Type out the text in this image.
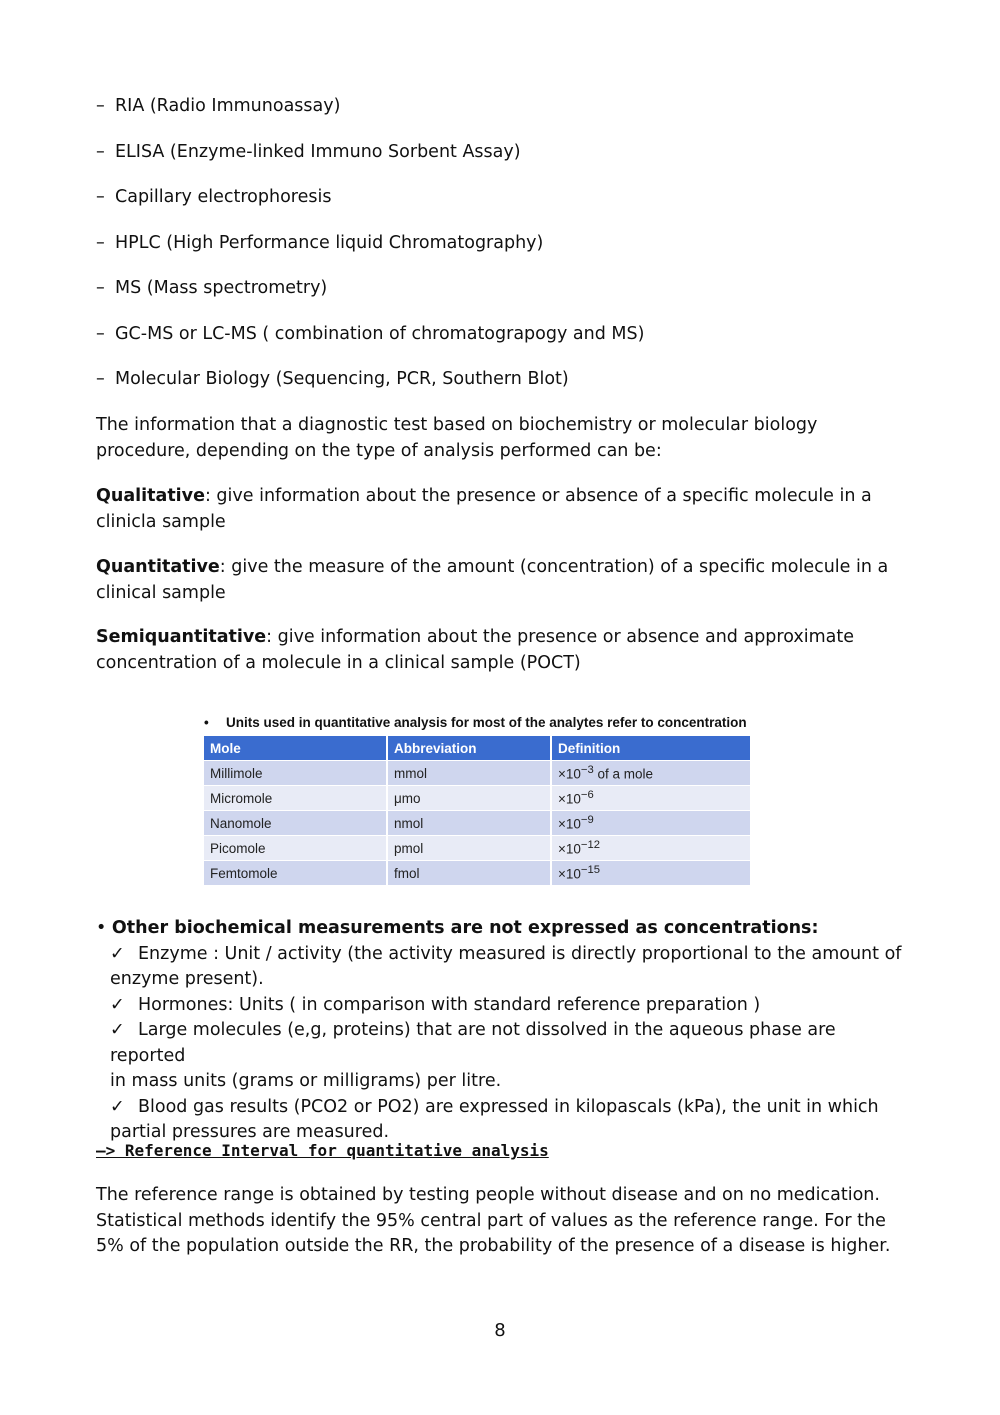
– RIA (Radio Immunoassay)
– ELISA (Enzyme-linked Immuno Sorbent Assay)
– Capillary electrophoresis
– HPLC (High Performance liquid Chromatography)
– MS (Mass spectrometry)
– GC-MS or LC-MS ( combination of chromatograpogy and MS)
– Molecular Biology (Sequencing, PCR, Southern Blot)
The information that a diagnostic test based on biochemistry or molecular biology procedure, depending on the type of analysis performed can be:
Qualitative: give information about the presence or absence of a specific molecule in a clinicla sample
Quantitative: give the measure of the amount (concentration) of a specific molecule in a clinical sample
Semiquantitative: give information about the presence or absence and approximate concentration of a molecule in a clinical sample (POCT)
•	Units used in quantitative analysis for most of the analytes refer to concentration
Mole	Abbreviation	Definition
Millimole	mmol	$\times 10^{-3}$ of a mole
Micromole	μmo	$\times 10^{-6}$
Nanomole	nmol	$\times 10^{-9}$
Picomole	pmol	$\times 10^{-12}$
Femtomole	fmol	$\times 10^{-15}$
• Other biochemical measurements are not expressed as concentrations:
✓ Enzyme : Unit / activity (the activity measured is directly proportional to the amount of
enzyme present).
✓ Hormones: Units ( in comparison with standard reference preparation )
✓ Large molecules (e,g, proteins) that are not dissolved in the aqueous phase are reported
in mass units (grams or milligrams) per litre.
✓ Blood gas results (PCO2 or PO2) are expressed in kilopascals (kPa), the unit in which
partial pressures are measured.
—> Reference Interval for quantitative analysis
The reference range is obtained by testing people without disease and on no medication. Statistical methods identify the 95% central part of values as the reference range. For the 5% of the population outside the RR, the probability of the presence of a disease is higher.
8
